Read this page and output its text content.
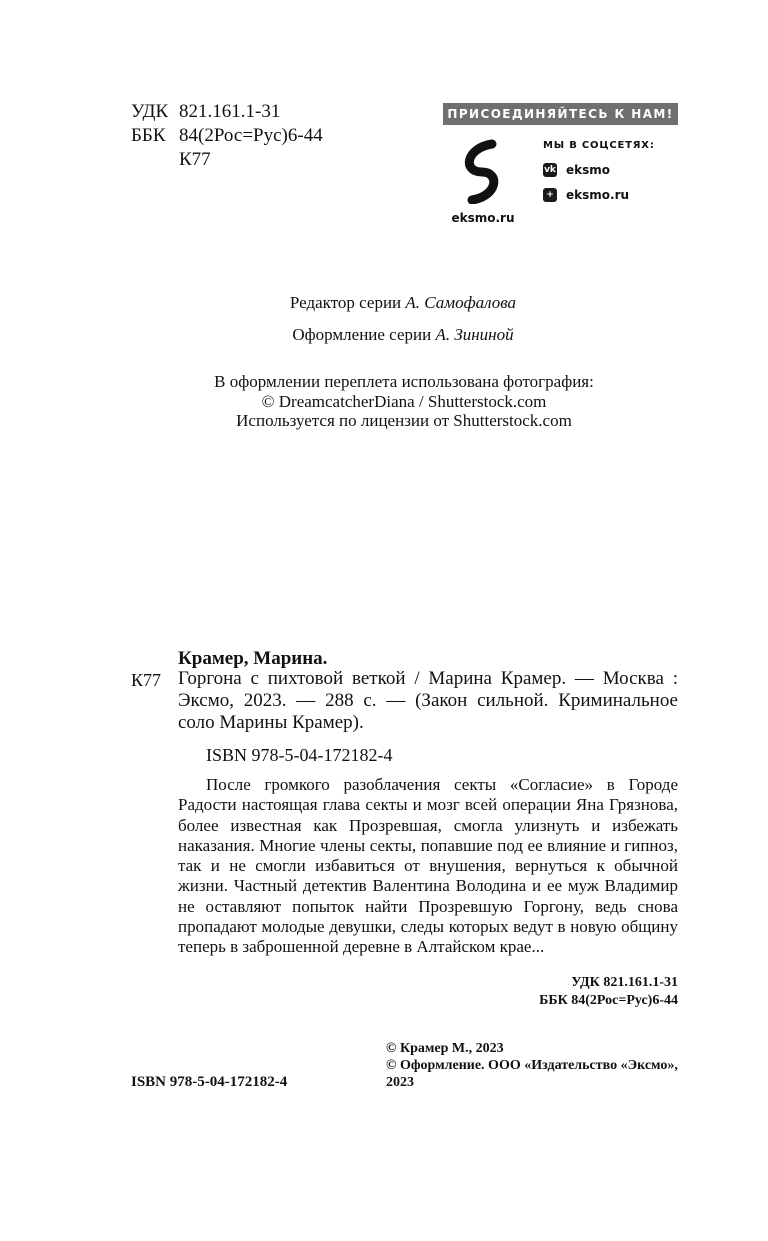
УДК 821.161.1-31
ББК 84(2Рос=Рус)6-44
К77
ПРИСОЕДИНЯЙТЕСЬ К НАМ!
eksmo.ru
МЫ В СОЦСЕТЯХ:
vk eksmo
+ eksmo.ru
Редактор серии А. Самофалова
Оформление серии А. Зининой
В оформлении переплета использована фотография:
© DreamcatcherDiana / Shutterstock.com
Используется по лицензии от Shutterstock.com
Крамер, Марина.
К77 Горгона с пихтовой веткой / Марина Крамер. — Москва : Эксмо, 2023. — 288 с. — (Закон сильной. Криминальное соло Марины Крамер).
ISBN 978-5-04-172182-4
После громкого разоблачения секты «Согласие» в Городе Радости настоящая глава секты и мозг всей операции Яна Грязнова, более известная как Прозревшая, смогла улизнуть и избежать наказания. Многие члены секты, попавшие под ее влияние и гипноз, так и не смогли избавиться от внушения, вернуться к обычной жизни. Частный детектив Валентина Володина и ее муж Владимир не оставляют попыток найти Прозревшую Горгону, ведь снова пропадают молодые девушки, следы которых ведут в новую общину теперь в заброшенной деревне в Алтайском крае...
УДК 821.161.1-31
ББК 84(2Рос=Рус)6-44
© Крамер М., 2023
© Оформление. ООО «Издательство «Эксмо», 2023
ISBN 978-5-04-172182-4
